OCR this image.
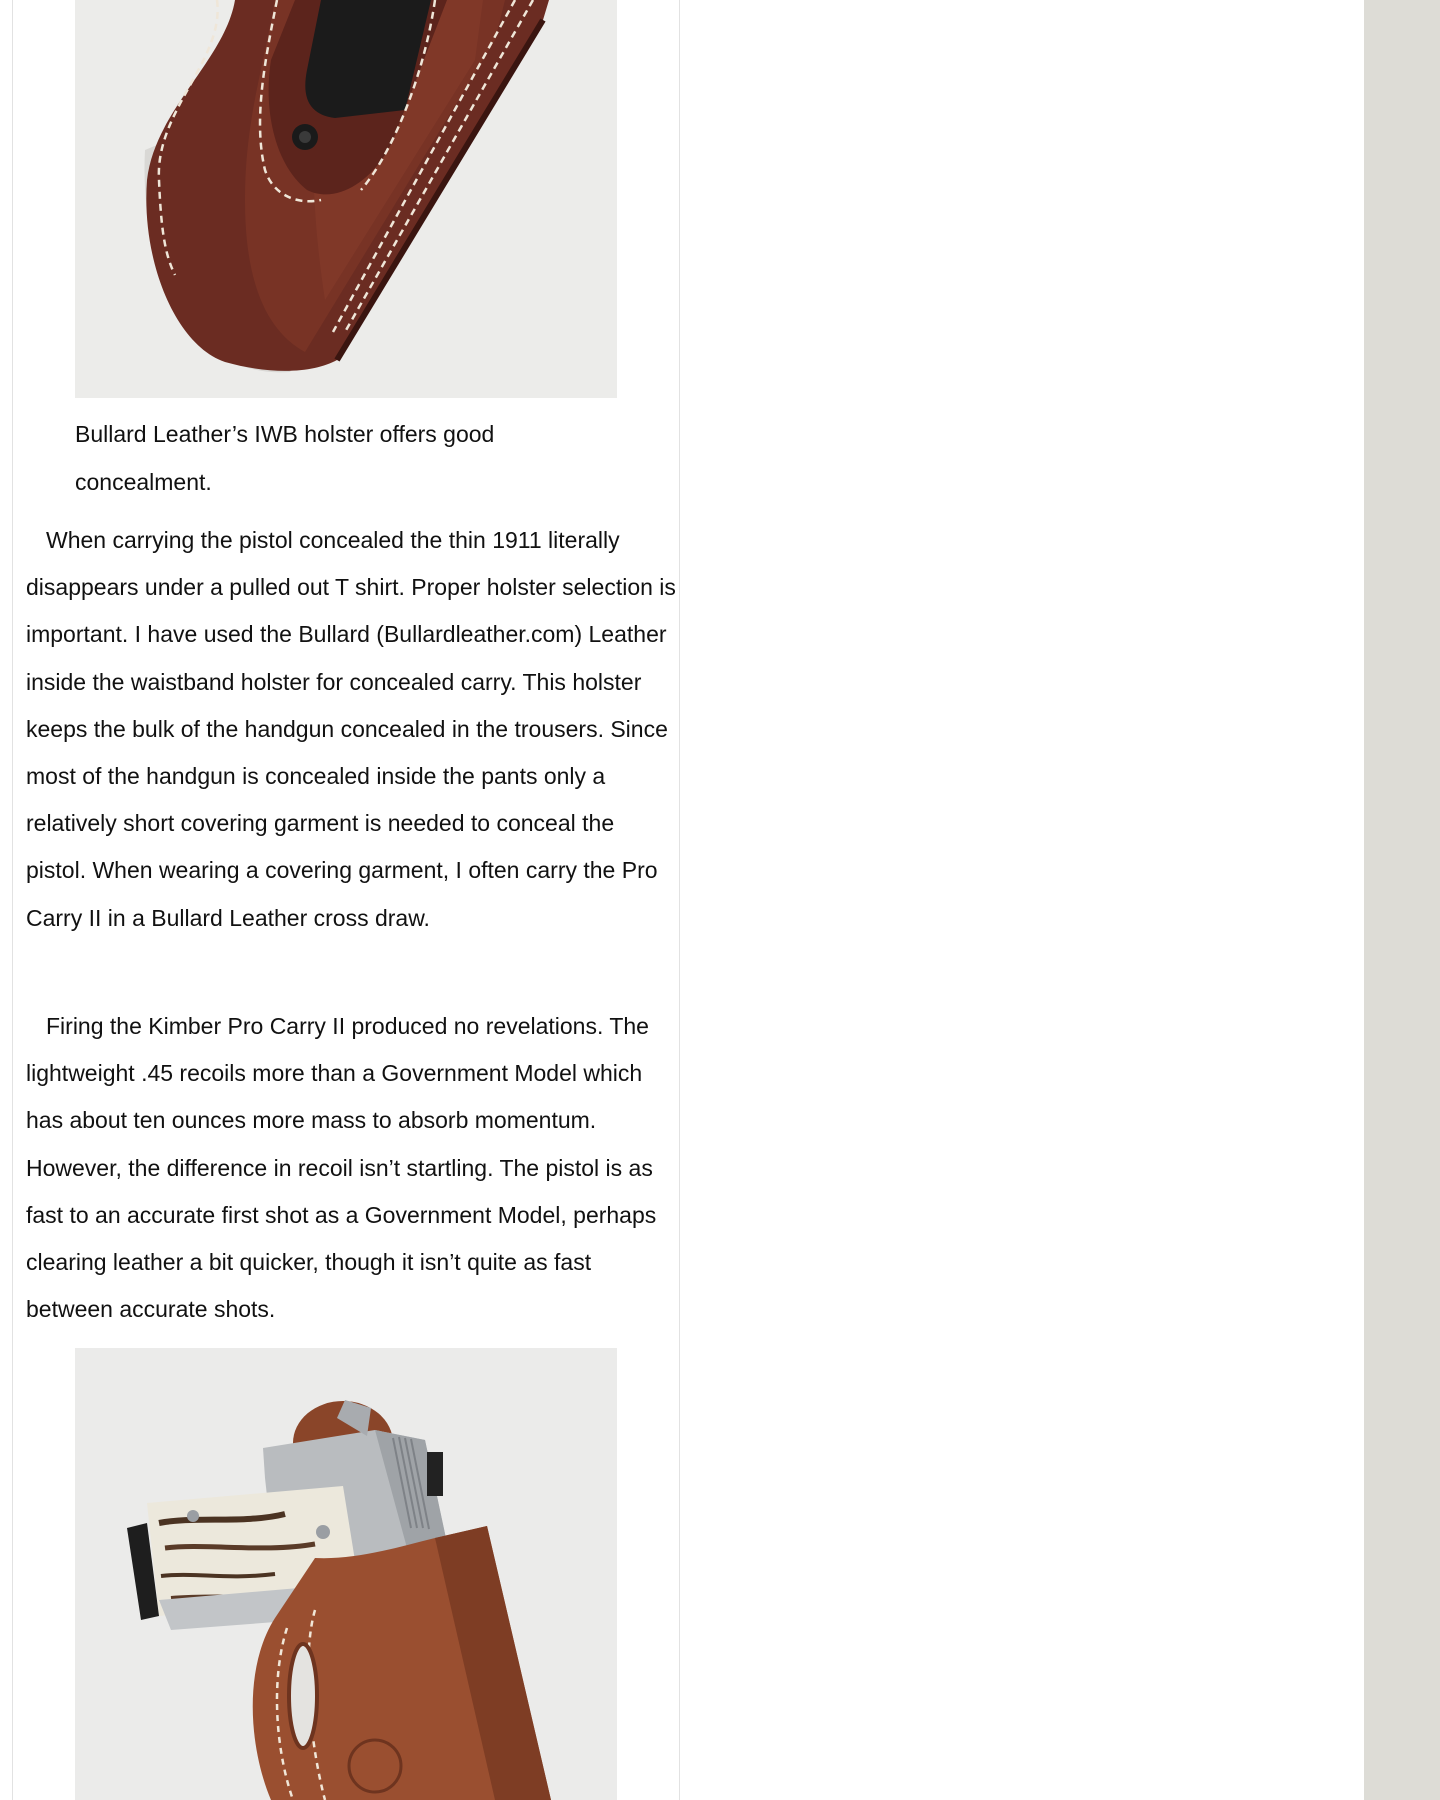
Bullard Leather’s IWB holster offers good concealment.

When carrying the pistol concealed the thin 1911 literally disappears under a pulled out T shirt. Proper holster selection is important. I have used the Bullard (Bullardleather.com) Leather inside the waistband holster for concealed carry. This holster keeps the bulk of the handgun concealed in the trousers. Since most of the handgun is concealed inside the pants only a relatively short covering garment is needed to conceal the pistol. When wearing a covering garment, I often carry the Pro Carry II in a Bullard Leather cross draw.

Firing the Kimber Pro Carry II produced no revelations. The lightweight .45 recoils more than a Government Model which has about ten ounces more mass to absorb momentum. However, the difference in recoil isn’t startling. The pistol is as fast to an accurate first shot as a Government Model, perhaps clearing leather a bit quicker, though it isn’t quite as fast between accurate shots.
